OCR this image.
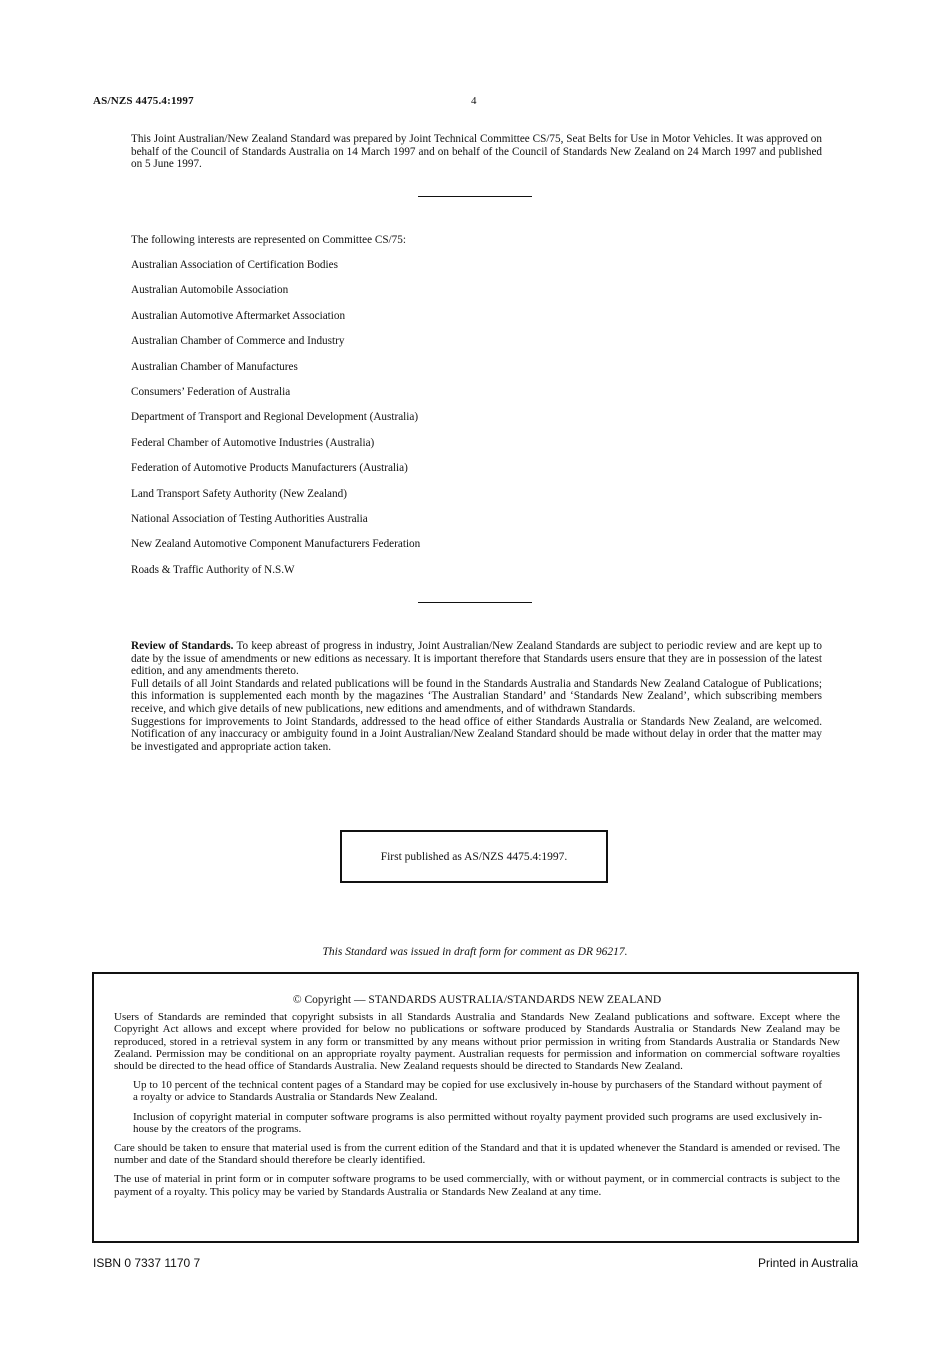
AS/NZS 4475.4:1997	4
This Joint Australian/New Zealand Standard was prepared by Joint Technical Committee CS/75, Seat Belts for Use in Motor Vehicles. It was approved on behalf of the Council of Standards Australia on 14 March 1997 and on behalf of the Council of Standards New Zealand on 24 March 1997 and published on 5 June 1997.
The following interests are represented on Committee CS/75:
Australian Association of Certification Bodies
Australian Automobile Association
Australian Automotive Aftermarket Association
Australian Chamber of Commerce and Industry
Australian Chamber of Manufactures
Consumers’ Federation of Australia
Department of Transport and Regional Development (Australia)
Federal Chamber of Automotive Industries (Australia)
Federation of Automotive Products Manufacturers (Australia)
Land Transport Safety Authority (New Zealand)
National Association of Testing Authorities Australia
New Zealand Automotive Component Manufacturers Federation
Roads & Traffic Authority of N.S.W

Review of Standards. To keep abreast of progress in industry, Joint Australian/New Zealand Standards are subject to periodic review and are kept up to date by the issue of amendments or new editions as necessary. It is important therefore that Standards users ensure that they are in possession of the latest edition, and any amendments thereto.

Full details of all Joint Standards and related publications will be found in the Standards Australia and Standards New Zealand Catalogue of Publications; this information is supplemented each month by the magazines ‘The Australian Standard’ and ‘Standards New Zealand’, which subscribing members receive, and which give details of new publications, new editions and amendments, and of withdrawn Standards.

Suggestions for improvements to Joint Standards, addressed to the head office of either Standards Australia or Standards New Zealand, are welcomed. Notification of any inaccuracy or ambiguity found in a Joint Australian/New Zealand Standard should be made without delay in order that the matter may be investigated and appropriate action taken.

First published as AS/NZS 4475.4:1997.
This Standard was issued in draft form for comment as DR 96217.
© Copyright — STANDARDS AUSTRALIA/STANDARDS NEW ZEALAND

Users of Standards are reminded that copyright subsists in all Standards Australia and Standards New Zealand publications and software. Except where the Copyright Act allows and except where provided for below no publications or software produced by Standards Australia or Standards New Zealand may be reproduced, stored in a retrieval system in any form or transmitted by any means without prior permission in writing from Standards Australia or Standards New Zealand. Permission may be conditional on an appropriate royalty payment. Australian requests for permission and information on commercial software royalties should be directed to the head office of Standards Australia. New Zealand requests should be directed to Standards New Zealand.

Up to 10 percent of the technical content pages of a Standard may be copied for use exclusively in-house by purchasers of the Standard without payment of a royalty or advice to Standards Australia or Standards New Zealand.

Inclusion of copyright material in computer software programs is also permitted without royalty payment provided such programs are used exclusively in-house by the creators of the programs.

Care should be taken to ensure that material used is from the current edition of the Standard and that it is updated whenever the Standard is amended or revised. The number and date of the Standard should therefore be clearly identified.

The use of material in print form or in computer software programs to be used commercially, with or without payment, or in commercial contracts is subject to the payment of a royalty. This policy may be varied by Standards Australia or Standards New Zealand at any time.

ISBN 0 7337 1170 7	Printed in Australia
